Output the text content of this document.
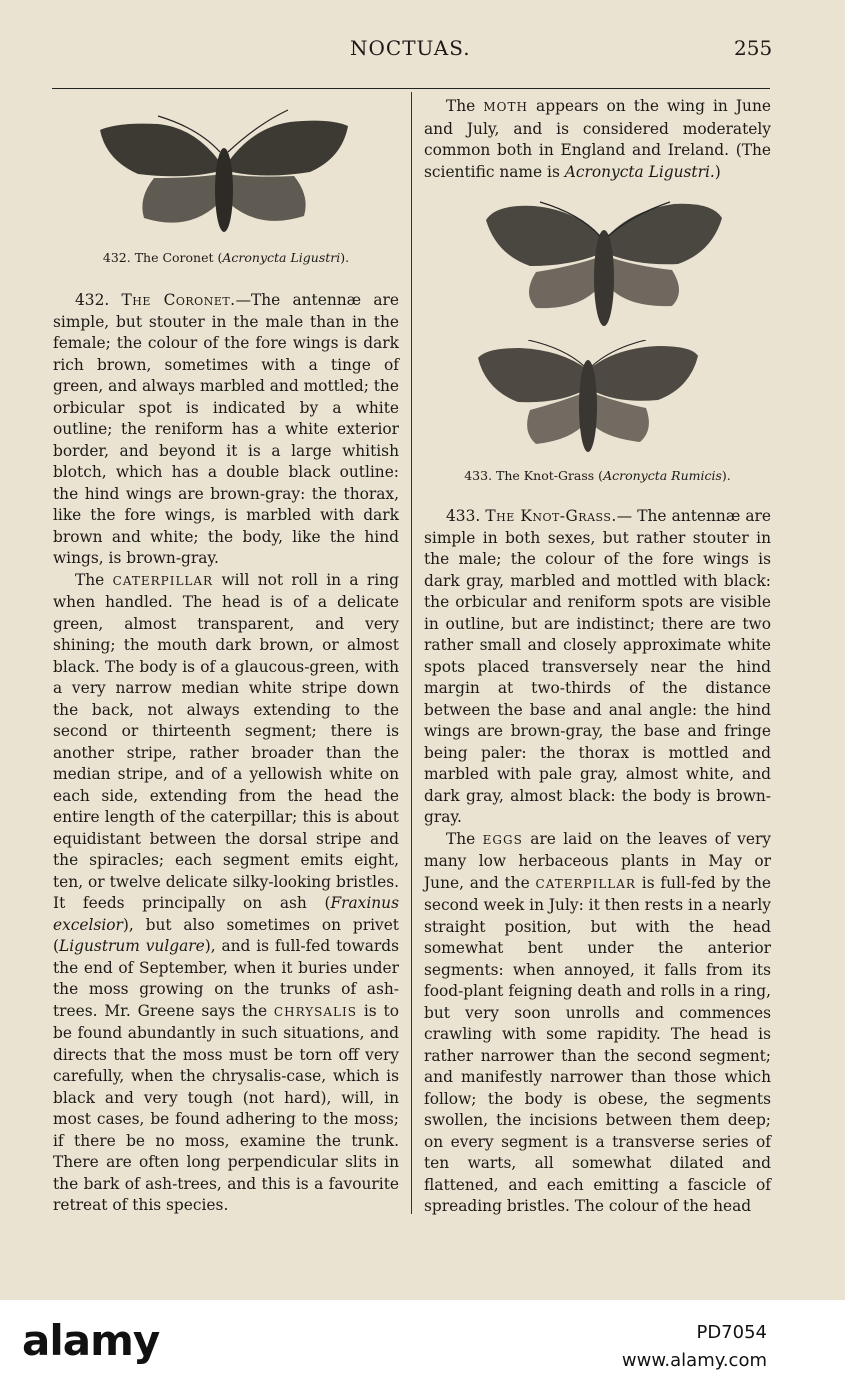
NOCTUAS.	255
432. The Coronet (Acronycta Ligustri).
433. The Knot-Grass (Acronycta Rumicis).

432. The Coronet.—The antennæ are simple, but stouter in the male than in the female; the colour of the fore wings is dark rich brown, sometimes with a tinge of green, and always marbled and mottled; the orbicular spot is indicated by a white outline; the reniform has a white exterior border, and beyond it is a large whitish blotch, which has a double black outline: the hind wings are brown-gray: the thorax, like the fore wings, is marbled with dark brown and white; the body, like the hind wings, is brown-gray.

The CATERPILLAR will not roll in a ring when handled. The head is of a delicate green, almost transparent, and very shining; the mouth dark brown, or almost black. The body is of a glaucous-green, with a very narrow median white stripe down the back, not always extending to the second or thirteenth segment; there is another stripe, rather broader than the median stripe, and of a yellowish white on each side, extending from the head the entire length of the caterpillar; this is about equidistant between the dorsal stripe and the spiracles; each segment emits eight, ten, or twelve delicate silky-looking bristles. It feeds principally on ash (Fraxinus excelsior), but also sometimes on privet (Ligustrum vulgare), and is full-fed towards the end of September, when it buries under the moss growing on the trunks of ash-trees. Mr. Greene says the CHRYSALIS is to be found abundantly in such situations, and directs that the moss must be torn off very carefully, when the chrysalis-case, which is black and very tough (not hard), will, in most cases, be found adhering to the moss; if there be no moss, examine the trunk. There are often long perpendicular slits in the bark of ash-trees, and this is a favourite retreat of this species.

The MOTH appears on the wing in June and July, and is considered moderately common both in England and Ireland. (The scientific name is Acronycta Ligustri.)

433. The Knot-Grass.— The antennæ are simple in both sexes, but rather stouter in the male; the colour of the fore wings is dark gray, marbled and mottled with black: the orbicular and reniform spots are visible in outline, but are indistinct; there are two rather small and closely approximate white spots placed transversely near the hind margin at two-thirds of the distance between the base and anal angle: the hind wings are brown-gray, the base and fringe being paler: the thorax is mottled and marbled with pale gray, almost white, and dark gray, almost black: the body is brown-gray.

The EGGS are laid on the leaves of very many low herbaceous plants in May or June, and the CATERPILLAR is full-fed by the second week in July: it then rests in a nearly straight position, but with the head somewhat bent under the anterior segments: when annoyed, it falls from its food-plant feigning death and rolls in a ring, but very soon unrolls and commences crawling with some rapidity. The head is rather narrower than the second segment; and manifestly narrower than those which follow; the body is obese, the segments swollen, the incisions between them deep; on every segment is a transverse series of ten warts, all somewhat dilated and flattened, and each emitting a fascicle of spreading bristles. The colour of the head

alamy	PD7054
www.alamy.com
